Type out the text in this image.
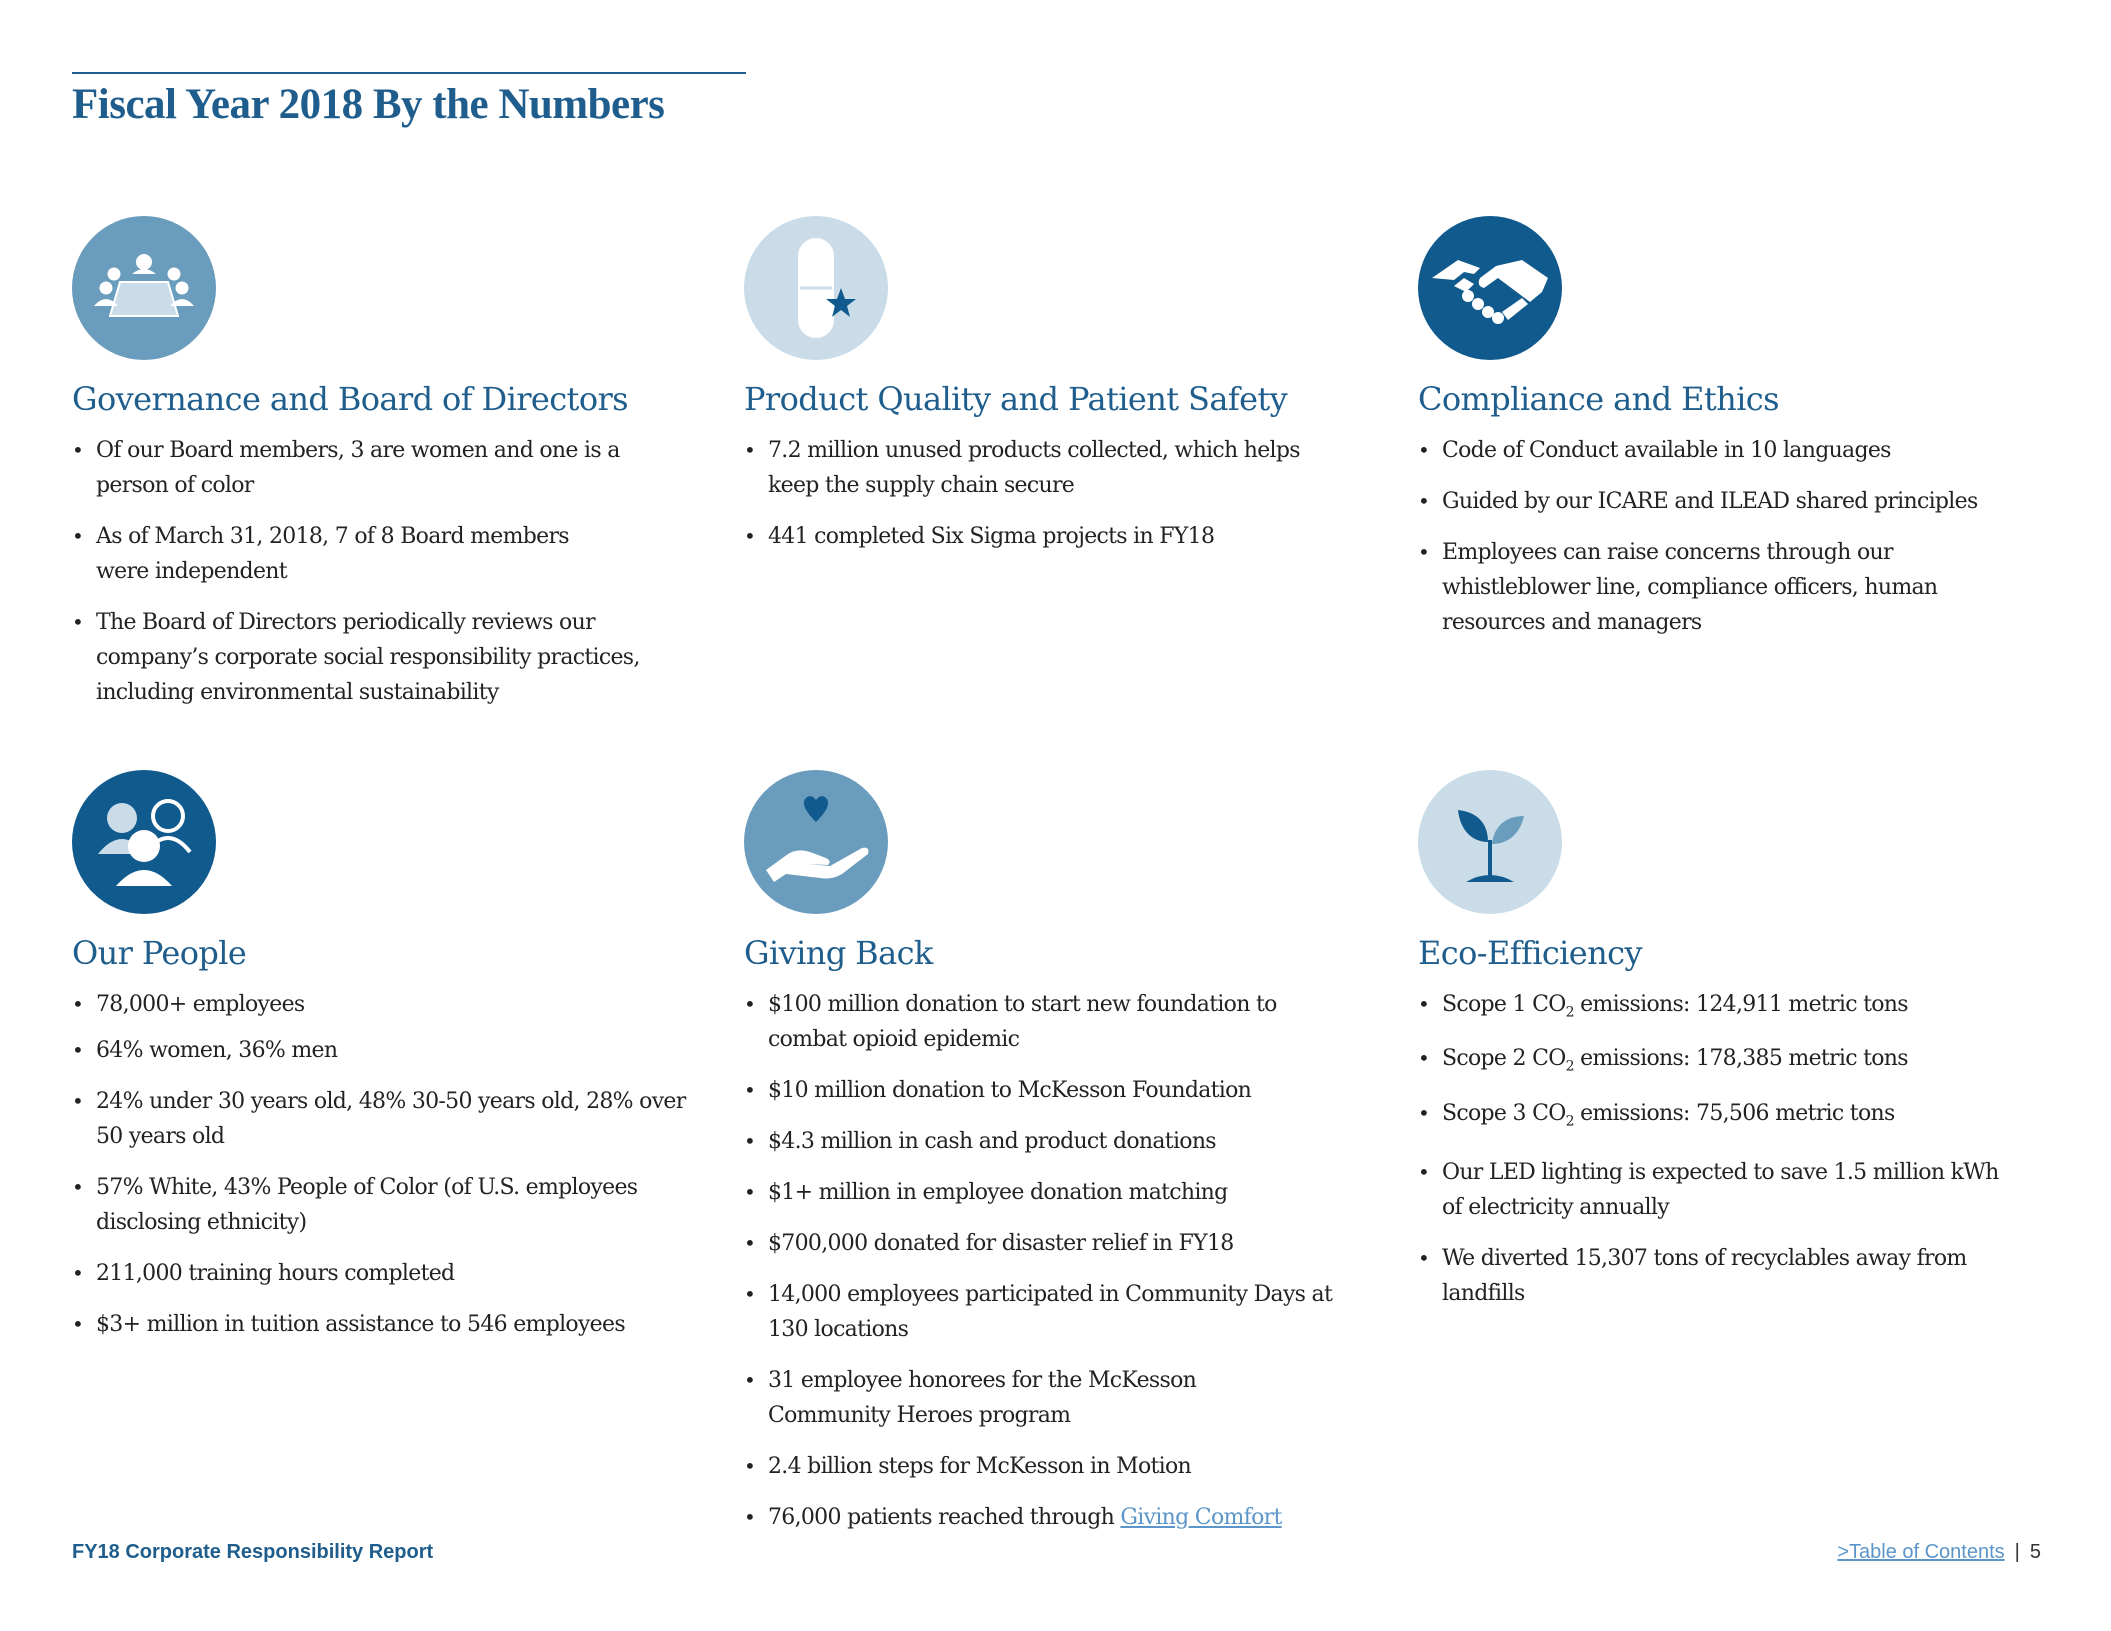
Fiscal Year 2018 By the Numbers
Governance and Board of Directors
• Of our Board members, 3 are women and one is a person of color
• As of March 31, 2018, 7 of 8 Board members were independent
• The Board of Directors periodically reviews our company’s corporate social responsibility practices, including environmental sustainability
Product Quality and Patient Safety
• 7.2 million unused products collected, which helps keep the supply chain secure
• 441 completed Six Sigma projects in FY18
Compliance and Ethics
• Code of Conduct available in 10 languages
• Guided by our ICARE and ILEAD shared principles
• Employees can raise concerns through our whistleblower line, compliance officers, human resources and managers
Our People
• 78,000+ employees
• 64% women, 36% men
• 24% under 30 years old, 48% 30-50 years old, 28% over 50 years old
• 57% White, 43% People of Color (of U.S. employees disclosing ethnicity)
• 211,000 training hours completed
• $3+ million in tuition assistance to 546 employees
Giving Back
• $100 million donation to start new foundation to combat opioid epidemic
• $10 million donation to McKesson Foundation
• $4.3 million in cash and product donations
• $1+ million in employee donation matching
• $700,000 donated for disaster relief in FY18
• 14,000 employees participated in Community Days at 130 locations
• 31 employee honorees for the McKesson Community Heroes program
• 2.4 billion steps for McKesson in Motion
• 76,000 patients reached through Giving Comfort
Eco-Efficiency
• Scope 1 $CO_2$ emissions: 124,911 metric tons
• Scope 2 $CO_2$ emissions: 178,385 metric tons
• Scope 3 $CO_2$ emissions: 75,506 metric tons
• Our LED lighting is expected to save 1.5 million kWh of electricity annually
• We diverted 15,307 tons of recyclables away from landfills
FY18 Corporate Responsibility Report	>Table of Contents | 5
